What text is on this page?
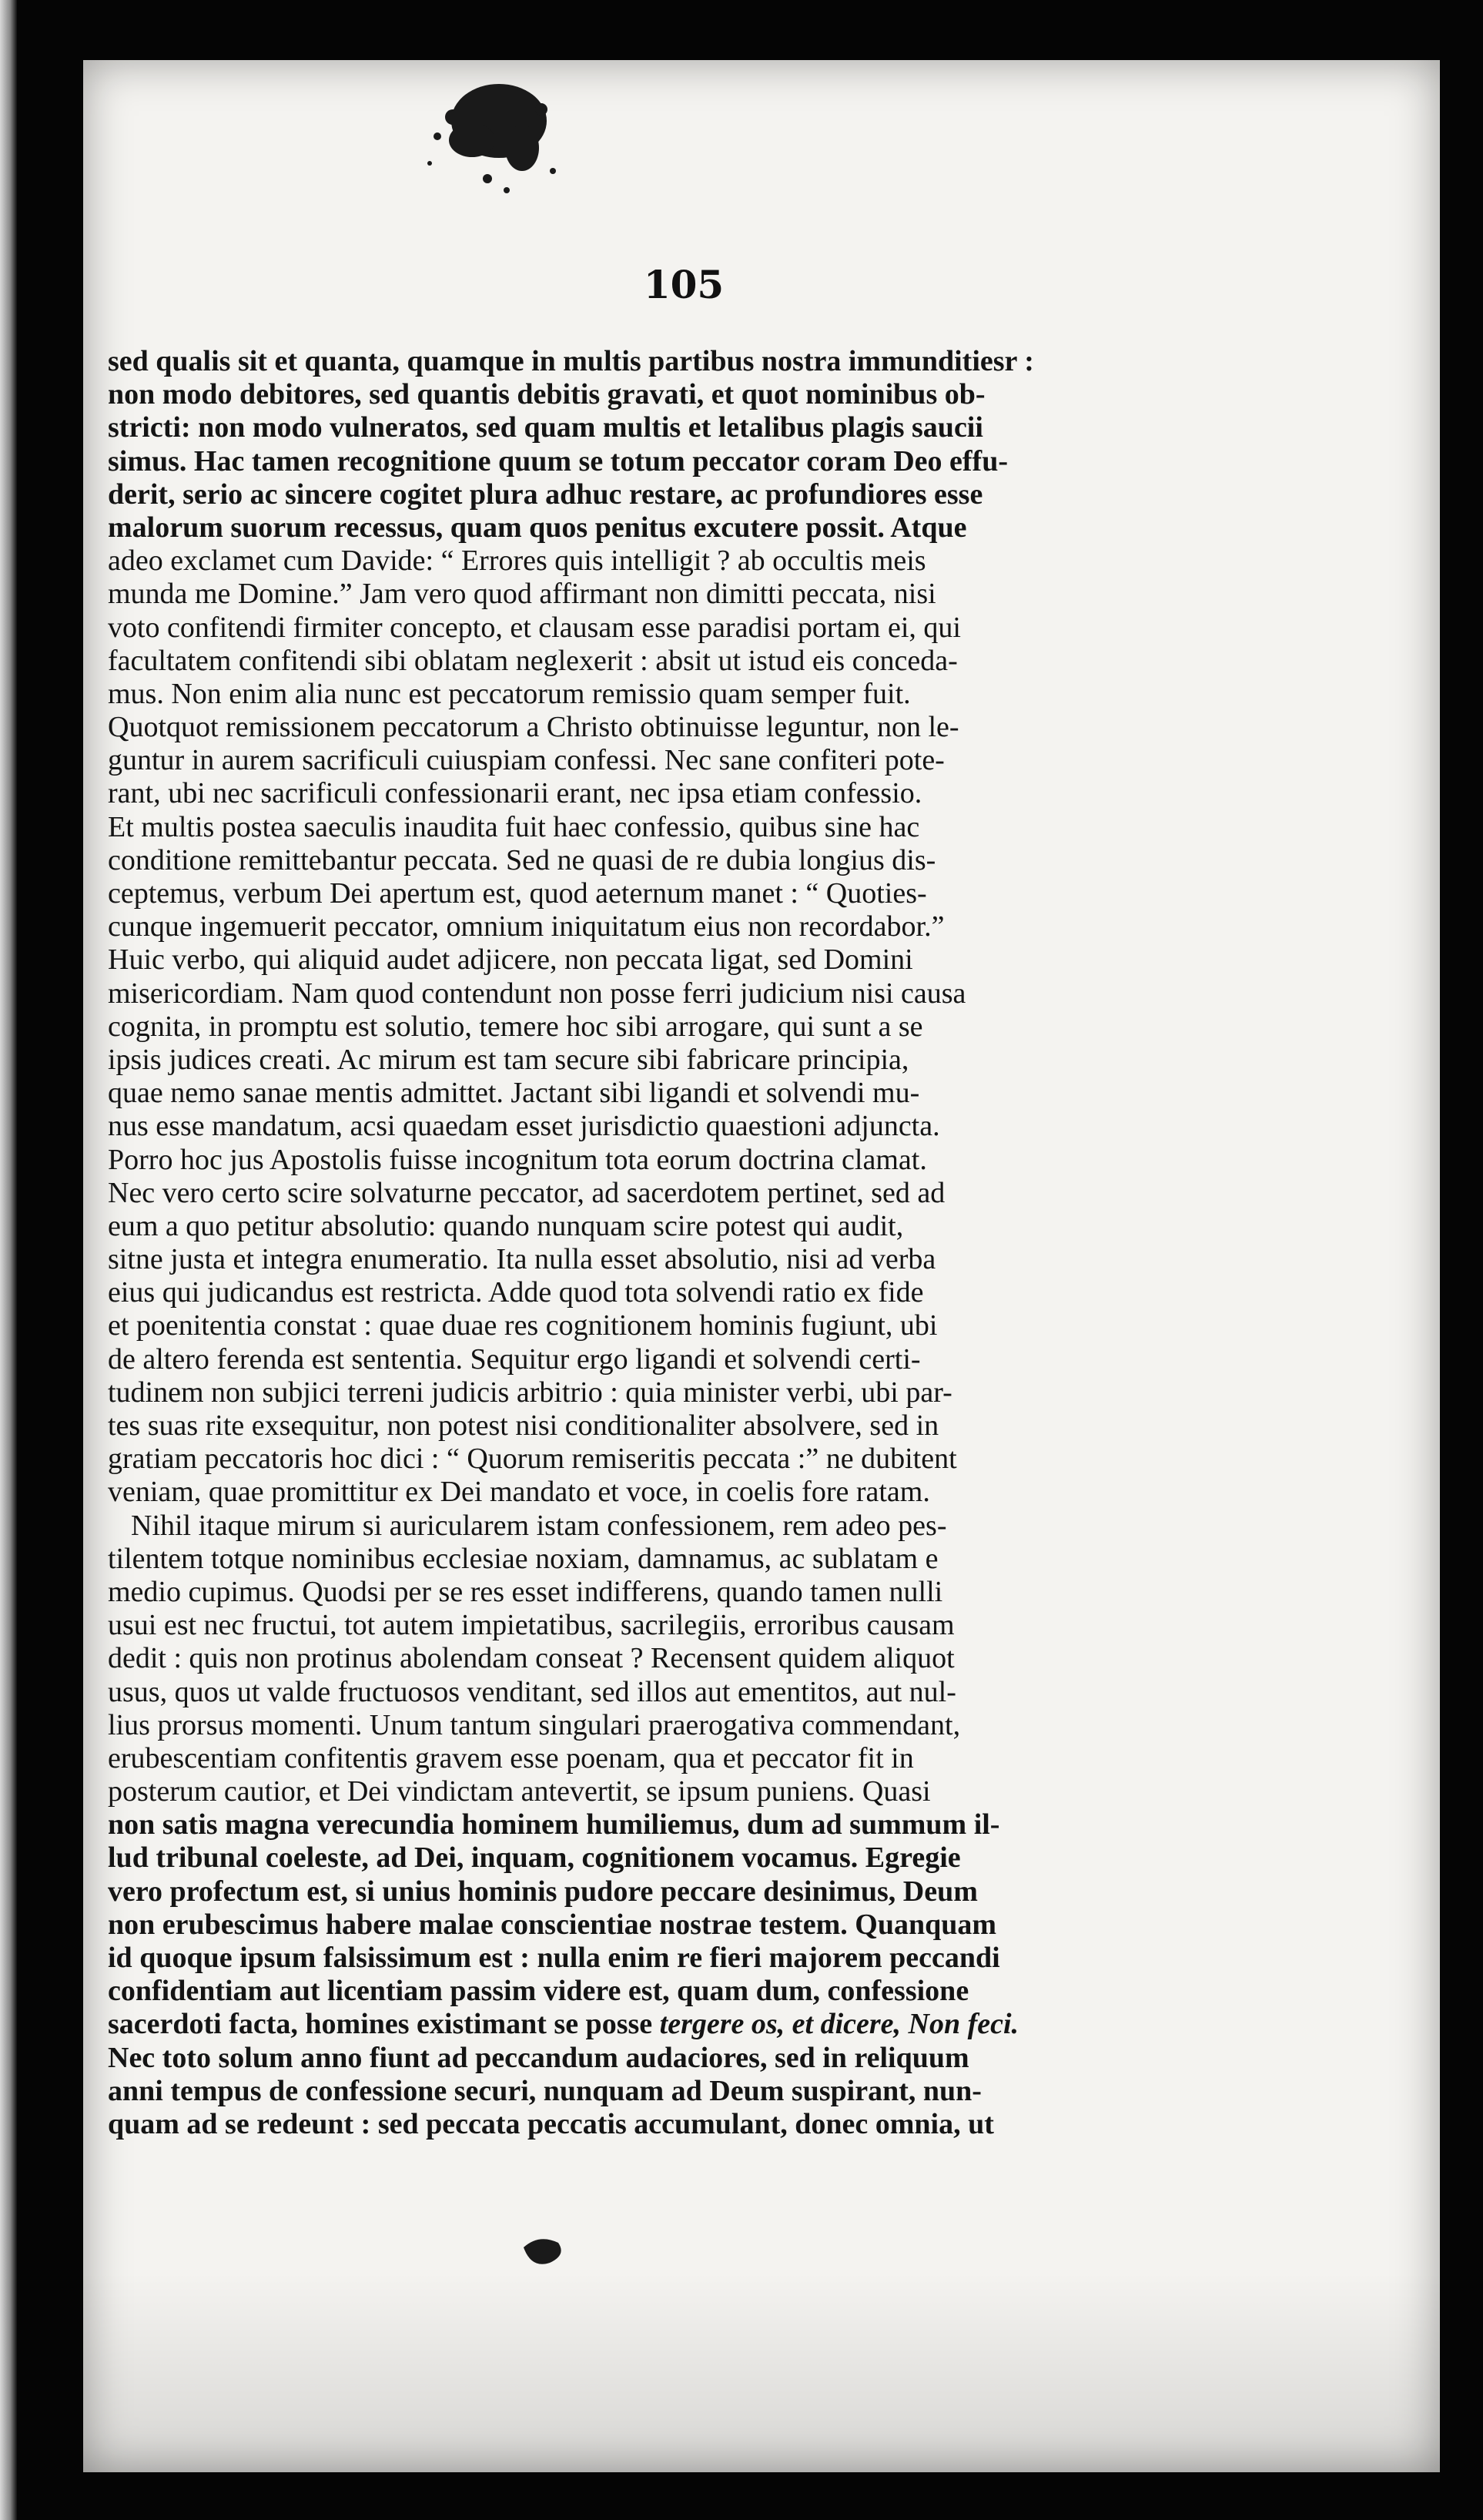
105
sed qualis sit et quanta, quamque in multis partibus nostra immunditiesr :
non modo debitores, sed quantis debitis gravati, et quot nominibus ob-
stricti: non modo vulneratos, sed quam multis et letalibus plagis saucii
simus. Hac tamen recognitione quum se totum peccator coram Deo effu-
derit, serio ac sincere cogitet plura adhuc restare, ac profundiores esse
malorum suorum recessus, quam quos penitus excutere possit. Atque
adeo exclamet cum Davide: “ Errores quis intelligit ? ab occultis meis
munda me Domine.” Jam vero quod affirmant non dimitti peccata, nisi
voto confitendi firmiter concepto, et clausam esse paradisi portam ei, qui
facultatem confitendi sibi oblatam neglexerit : absit ut istud eis conceda-
mus. Non enim alia nunc est peccatorum remissio quam semper fuit.
Quotquot remissionem peccatorum a Christo obtinuisse leguntur, non le-
guntur in aurem sacrificuli cuiuspiam confessi. Nec sane confiteri pote-
rant, ubi nec sacrificuli confessionarii erant, nec ipsa etiam confessio.
Et multis postea saeculis inaudita fuit haec confessio, quibus sine hac
conditione remittebantur peccata. Sed ne quasi de re dubia longius dis-
ceptemus, verbum Dei apertum est, quod aeternum manet : “ Quoties-
cunque ingemuerit peccator, omnium iniquitatum eius non recordabor.”
Huic verbo, qui aliquid audet adjicere, non peccata ligat, sed Domini
misericordiam. Nam quod contendunt non posse ferri judicium nisi causa
cognita, in promptu est solutio, temere hoc sibi arrogare, qui sunt a se
ipsis judices creati. Ac mirum est tam secure sibi fabricare principia,
quae nemo sanae mentis admittet. Jactant sibi ligandi et solvendi mu-
nus esse mandatum, acsi quaedam esset jurisdictio quaestioni adjuncta.
Porro hoc jus Apostolis fuisse incognitum tota eorum doctrina clamat.
Nec vero certo scire solvaturne peccator, ad sacerdotem pertinet, sed ad
eum a quo petitur absolutio: quando nunquam scire potest qui audit,
sitne justa et integra enumeratio. Ita nulla esset absolutio, nisi ad verba
eius qui judicandus est restricta. Adde quod tota solvendi ratio ex fide
et poenitentia constat : quae duae res cognitionem hominis fugiunt, ubi
de altero ferenda est sententia. Sequitur ergo ligandi et solvendi certi-
tudinem non subjici terreni judicis arbitrio : quia minister verbi, ubi par-
tes suas rite exsequitur, non potest nisi conditionaliter absolvere, sed in
gratiam peccatoris hoc dici : “ Quorum remiseritis peccata :” ne dubitent
veniam, quae promittitur ex Dei mandato et voce, in coelis fore ratam.
Nihil itaque mirum si auricularem istam confessionem, rem adeo pes-
tilentem totque nominibus ecclesiae noxiam, damnamus, ac sublatam e
medio cupimus. Quodsi per se res esset indifferens, quando tamen nulli
usui est nec fructui, tot autem impietatibus, sacrilegiis, erroribus causam
dedit : quis non protinus abolendam conseat ? Recensent quidem aliquot
usus, quos ut valde fructuosos venditant, sed illos aut ementitos, aut nul-
lius prorsus momenti. Unum tantum singulari praerogativa commendant,
erubescentiam confitentis gravem esse poenam, qua et peccator fit in
posterum cautior, et Dei vindictam antevertit, se ipsum puniens. Quasi
non satis magna verecundia hominem humiliemus, dum ad summum il-
lud tribunal coeleste, ad Dei, inquam, cognitionem vocamus. Egregie
vero profectum est, si unius hominis pudore peccare desinimus, Deum
non erubescimus habere malae conscientiae nostrae testem. Quanquam
id quoque ipsum falsissimum est : nulla enim re fieri majorem peccandi
confidentiam aut licentiam passim videre est, quam dum, confessione
sacerdoti facta, homines existimant se posse tergere os, et dicere, Non feci.
Nec toto solum anno fiunt ad peccandum audaciores, sed in reliquum
anni tempus de confessione securi, nunquam ad Deum suspirant, nun-
quam ad se redeunt : sed peccata peccatis accumulant, donec omnia, ut
